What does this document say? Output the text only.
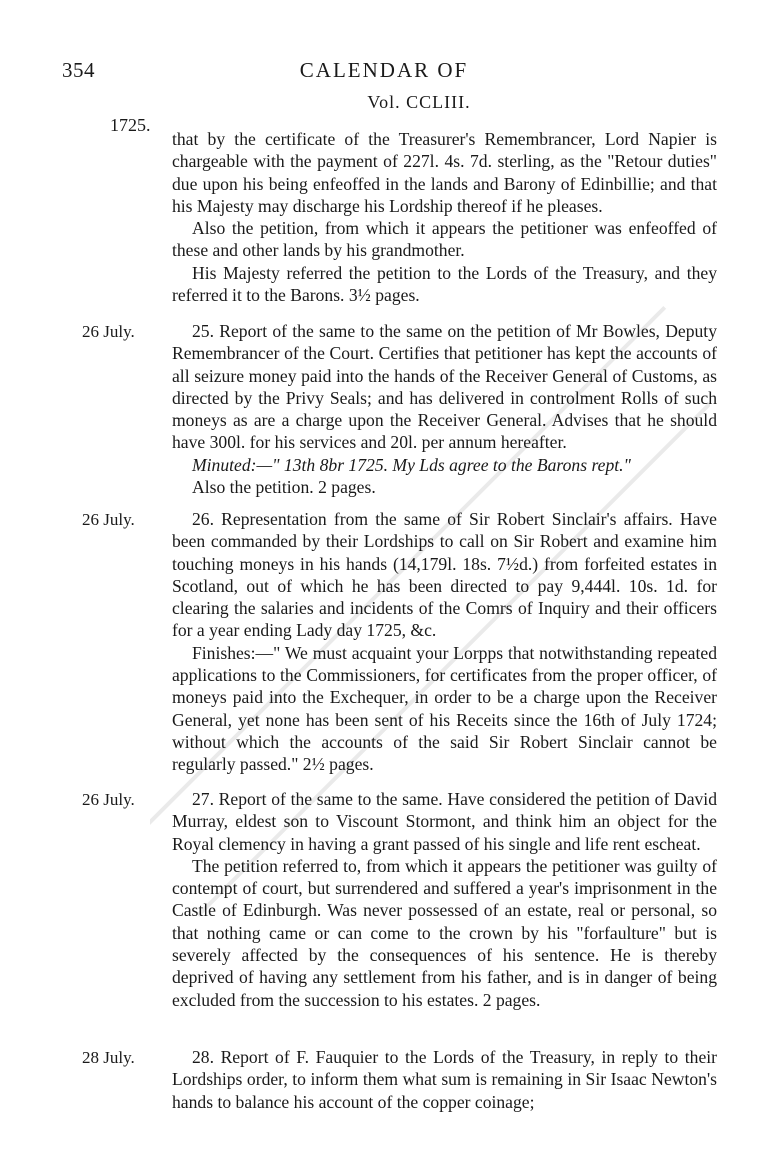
354	CALENDAR OF
Vol. CCLIII.
1725.

that by the certificate of the Treasurer's Remembrancer, Lord Napier is chargeable with the payment of 227l. 4s. 7d. sterling, as the "Retour duties" due upon his being enfeoffed in the lands and Barony of Edinbillie; and that his Majesty may discharge his Lordship thereof if he pleases.

Also the petition, from which it appears the petitioner was enfeoffed of these and other lands by his grandmother.

His Majesty referred the petition to the Lords of the Treasury, and they referred it to the Barons. 3½ pages.

26 July.	25. Report of the same to the same on the petition of Mr Bowles, Deputy Remembrancer of the Court. Certifies that petitioner has kept the accounts of all seizure money paid into the hands of the Receiver General of Customs, as directed by the Privy Seals; and has delivered in controlment Rolls of such moneys as are a charge upon the Receiver General. Advises that he should have 300l. for his services and 20l. per annum hereafter.

Minuted:—" 13th 8br 1725. My Lds agree to the Barons rept."

Also the petition. 2 pages.

26 July.	26. Representation from the same of Sir Robert Sinclair's affairs. Have been commanded by their Lordships to call on Sir Robert and examine him touching moneys in his hands (14,179l. 18s. 7½d.) from forfeited estates in Scotland, out of which he has been directed to pay 9,444l. 10s. 1d. for clearing the salaries and incidents of the Comrs of Inquiry and their officers for a year ending Lady day 1725, &c.

Finishes:—" We must acquaint your Lorpps that notwithstanding repeated applications to the Commissioners, for certificates from the proper officer, of moneys paid into the Exchequer, in order to be a charge upon the Receiver General, yet none has been sent of his Receits since the 16th of July 1724; without which the accounts of the said Sir Robert Sinclair cannot be regularly passed." 2½ pages.

26 July.	27. Report of the same to the same. Have considered the petition of David Murray, eldest son to Viscount Stormont, and think him an object for the Royal clemency in having a grant passed of his single and life rent escheat.

The petition referred to, from which it appears the petitioner was guilty of contempt of court, but surrendered and suffered a year's imprisonment in the Castle of Edinburgh. Was never possessed of an estate, real or personal, so that nothing came or can come to the crown by his "forfaulture" but is severely affected by the consequences of his sentence. He is thereby deprived of having any settlement from his father, and is in danger of being excluded from the succession to his estates. 2 pages.

28 July.	28. Report of F. Fauquier to the Lords of the Treasury, in reply to their Lordships order, to inform them what sum is remaining in Sir Isaac Newton's hands to balance his account of the copper coinage;
